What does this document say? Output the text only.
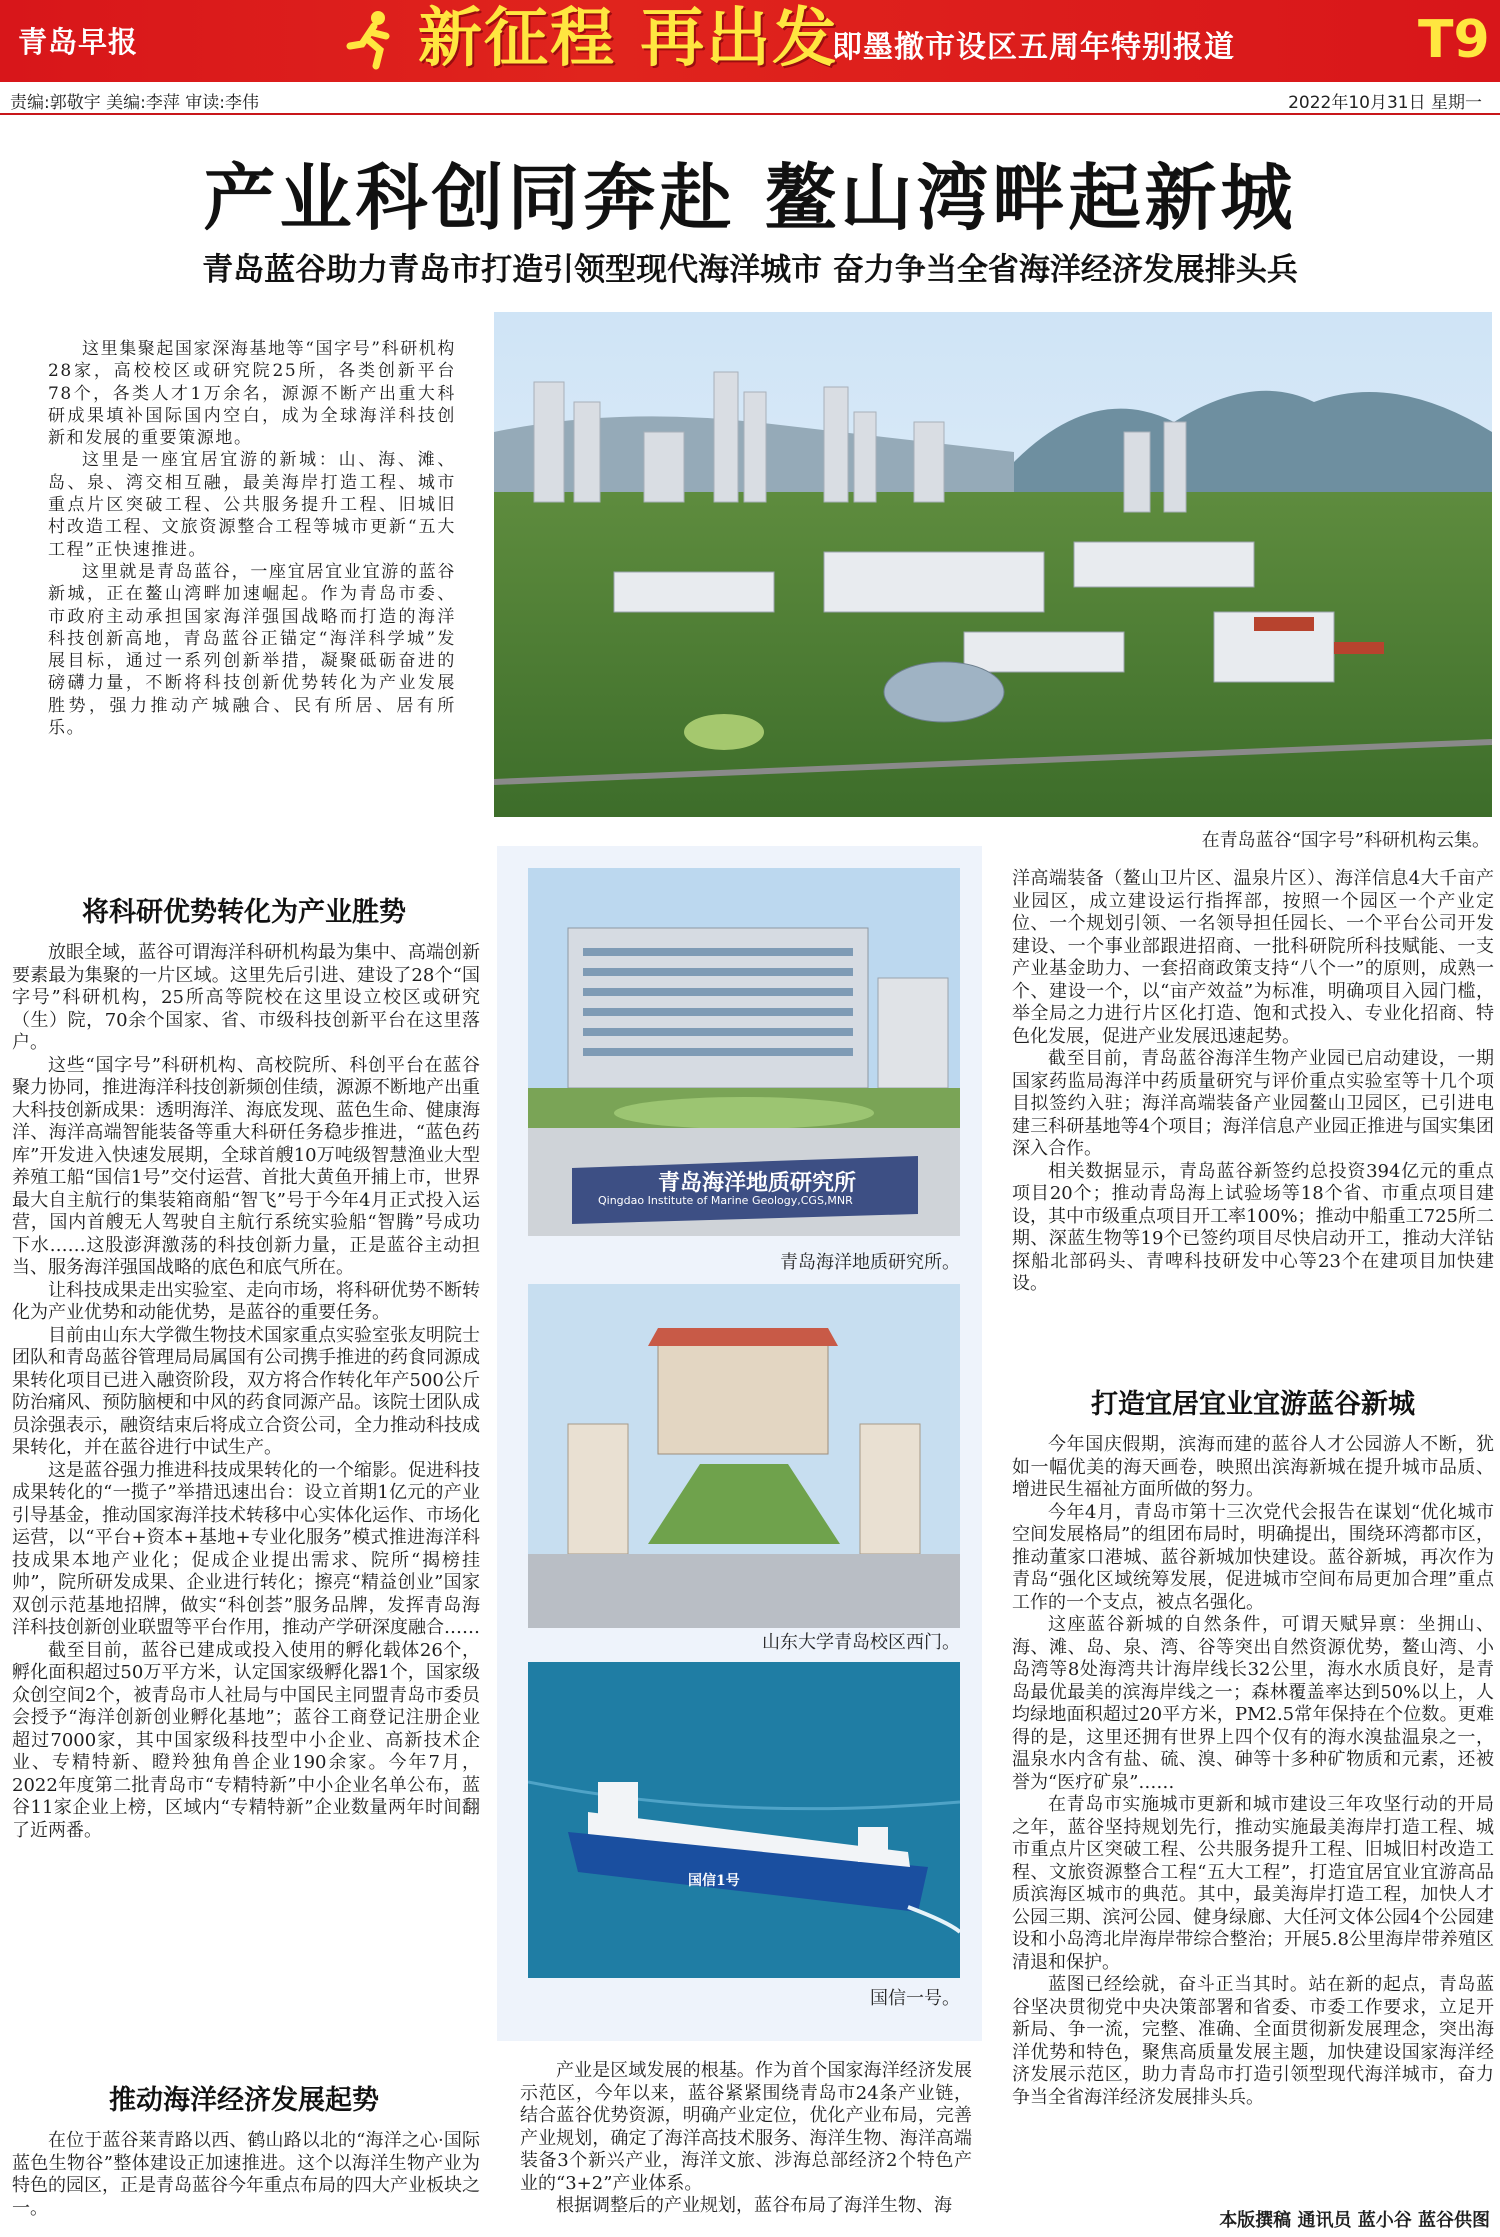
青岛早报	新征程 再出发
即墨撤市设区五周年特别报道	T9
责编:郭敬宇 美编:李萍 审读:李伟	2022年10月31日 星期一
产业科创同奔赴 鳌山湾畔起新城
青岛蓝谷助力青岛市打造引领型现代海洋城市 奋力争当全省海洋经济发展排头兵

这里集聚起国家深海基地等“国字号”科研机构28家，高校校区或研究院25所，各类创新平台78个，各类人才1万余名，源源不断产出重大科研成果填补国际国内空白，成为全球海洋科技创新和发展的重要策源地。

这里是一座宜居宜游的新城：山、海、滩、岛、泉、湾交相互融，最美海岸打造工程、城市重点片区突破工程、公共服务提升工程、旧城旧村改造工程、文旅资源整合工程等城市更新“五大工程”正快速推进。

这里就是青岛蓝谷，一座宜居宜业宜游的蓝谷新城，正在鳌山湾畔加速崛起。作为青岛市委、市政府主动承担国家海洋强国战略而打造的海洋科技创新高地，青岛蓝谷正锚定“海洋科学城”发展目标，通过一系列创新举措，凝聚砥砺奋进的磅礴力量，不断将科技创新优势转化为产业发展胜势，强力推动产城融合、民有所居、居有所乐。

在青岛蓝谷“国字号”科研机构云集。
将科研优势转化为产业胜势

放眼全域，蓝谷可谓海洋科研机构最为集中、高端创新要素最为集聚的一片区域。这里先后引进、建设了28个“国字号”科研机构，25所高等院校在这里设立校区或研究（生）院，70余个国家、省、市级科技创新平台在这里落户。

这些“国字号”科研机构、高校院所、科创平台在蓝谷聚力协同，推进海洋科技创新频创佳绩，源源不断地产出重大科技创新成果：透明海洋、海底发现、蓝色生命、健康海洋、海洋高端智能装备等重大科研任务稳步推进，“蓝色药库”开发进入快速发展期，全球首艘10万吨级智慧渔业大型养殖工船“国信1号”交付运营、首批大黄鱼开捕上市，世界最大自主航行的集装箱商船“智飞”号于今年4月正式投入运营，国内首艘无人驾驶自主航行系统实验船“智腾”号成功下水……这股澎湃激荡的科技创新力量，正是蓝谷主动担当、服务海洋强国战略的底色和底气所在。

让科技成果走出实验室、走向市场，将科研优势不断转化为产业优势和动能优势，是蓝谷的重要任务。

目前由山东大学微生物技术国家重点实验室张友明院士团队和青岛蓝谷管理局局属国有公司携手推进的药食同源成果转化项目已进入融资阶段，双方将合作转化年产500公斤防治痛风、预防脑梗和中风的药食同源产品。该院士团队成员涂强表示，融资结束后将成立合资公司，全力推动科技成果转化，并在蓝谷进行中试生产。

这是蓝谷强力推进科技成果转化的一个缩影。促进科技成果转化的“一揽子”举措迅速出台：设立首期1亿元的产业引导基金，推动国家海洋技术转移中心实体化运作、市场化运营，以“平台+资本+基地+专业化服务”模式推进海洋科技成果本地产业化；促成企业提出需求、院所“揭榜挂帅”，院所研发成果、企业进行转化；擦亮“精益创业”国家双创示范基地招牌，做实“科创荟”服务品牌，发挥青岛海洋科技创新创业联盟等平台作用，推动产学研深度融合……

截至目前，蓝谷已建成或投入使用的孵化载体26个，孵化面积超过50万平方米，认定国家级孵化器1个，国家级众创空间2个，被青岛市人社局与中国民主同盟青岛市委员会授予“海洋创新创业孵化基地”；蓝谷工商登记注册企业超过7000家，其中国家级科技型中小企业、高新技术企业、专精特新、瞪羚独角兽企业190余家。今年7月，2022年度第二批青岛市“专精特新”中小企业名单公布，蓝谷11家企业上榜，区域内“专精特新”企业数量两年时间翻了近两番。

推动海洋经济发展起势

在位于蓝谷莱青路以西、鹤山路以北的“海洋之心·国际蓝色生物谷”整体建设正加速推进。这个以海洋生物产业为特色的园区，正是青岛蓝谷今年重点布局的四大产业板块之一。

青岛海洋地质研究所
Qingdao Institute of Marine Geology,CGS,MNR
青岛海洋地质研究所。
山东大学青岛校区西门。
国信1号
国信一号。

产业是区域发展的根基。作为首个国家海洋经济发展示范区，今年以来，蓝谷紧紧围绕青岛市24条产业链，结合蓝谷优势资源，明确产业定位，优化产业布局，完善产业规划，确定了海洋高技术服务、海洋生物、海洋高端装备3个新兴产业，海洋文旅、涉海总部经济2个特色产业的“3+2”产业体系。

根据调整后的产业规划，蓝谷布局了海洋生物、海

洋高端装备（鳌山卫片区、温泉片区）、海洋信息4大千亩产业园区，成立建设运行指挥部，按照一个园区一个产业定位、一个规划引领、一名领导担任园长、一个平台公司开发建设、一个事业部跟进招商、一批科研院所科技赋能、一支产业基金助力、一套招商政策支持“八个一”的原则，成熟一个、建设一个，以“亩产效益”为标准，明确项目入园门槛，举全局之力进行片区化打造、饱和式投入、专业化招商、特色化发展，促进产业发展迅速起势。

截至目前，青岛蓝谷海洋生物产业园已启动建设，一期国家药监局海洋中药质量研究与评价重点实验室等十几个项目拟签约入驻；海洋高端装备产业园鳌山卫园区，已引进电建三科研基地等4个项目；海洋信息产业园正推进与国实集团深入合作。

相关数据显示，青岛蓝谷新签约总投资394亿元的重点项目20个；推动青岛海上试验场等18个省、市重点项目建设，其中市级重点项目开工率100%；推动中船重工725所二期、深蓝生物等19个已签约项目尽快启动开工，推动大洋钻探船北部码头、青啤科技研发中心等23个在建项目加快建设。

打造宜居宜业宜游蓝谷新城

今年国庆假期，滨海而建的蓝谷人才公园游人不断，犹如一幅优美的海天画卷，映照出滨海新城在提升城市品质、增进民生福祉方面所做的努力。

今年4月，青岛市第十三次党代会报告在谋划“优化城市空间发展格局”的组团布局时，明确提出，围绕环湾都市区，推动董家口港城、蓝谷新城加快建设。蓝谷新城，再次作为青岛“强化区域统筹发展，促进城市空间布局更加合理”重点工作的一个支点，被点名强化。

这座蓝谷新城的自然条件，可谓天赋异禀：坐拥山、海、滩、岛、泉、湾、谷等突出自然资源优势，鳌山湾、小岛湾等8处海湾共计海岸线长32公里，海水水质良好，是青岛最优最美的滨海岸线之一；森林覆盖率达到50%以上，人均绿地面积超过20平方米，PM2.5常年保持在个位数。更难得的是，这里还拥有世界上四个仅有的海水溴盐温泉之一，温泉水内含有盐、硫、溴、砷等十多种矿物质和元素，还被誉为“医疗矿泉”……

在青岛市实施城市更新和城市建设三年攻坚行动的开局之年，蓝谷坚持规划先行，推动实施最美海岸打造工程、城市重点片区突破工程、公共服务提升工程、旧城旧村改造工程、文旅资源整合工程“五大工程”，打造宜居宜业宜游高品质滨海区城市的典范。其中，最美海岸打造工程，加快人才公园三期、滨河公园、健身绿廊、大任河文体公园4个公园建设和小岛湾北岸海岸带综合整治；开展5.8公里海岸带养殖区清退和保护。

蓝图已经绘就，奋斗正当其时。站在新的起点，青岛蓝谷坚决贯彻党中央决策部署和省委、市委工作要求，立足开新局、争一流，完整、准确、全面贯彻新发展理念，突出海洋优势和特色，聚焦高质量发展主题，加快建设国家海洋经济发展示范区，助力青岛市打造引领型现代海洋城市，奋力争当全省海洋经济发展排头兵。

本版撰稿 通讯员 蓝小谷 蓝谷供图
